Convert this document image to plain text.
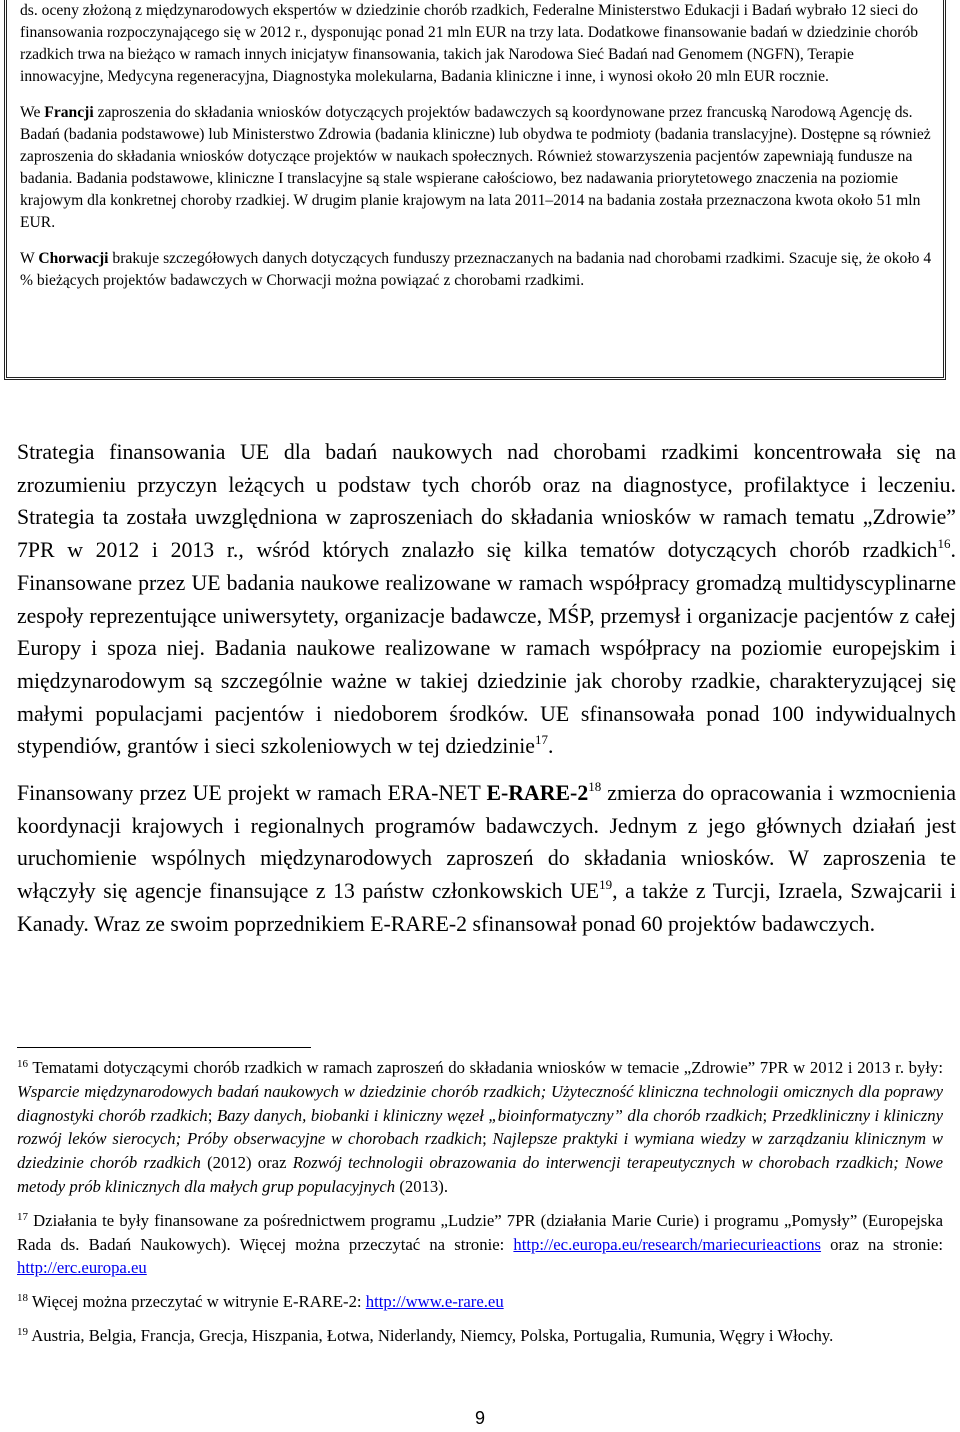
ds. oceny złożoną z międzynarodowych ekspertów w dziedzinie chorób rzadkich, Federalne Ministerstwo Edukacji i Badań wybrało 12 sieci do finansowania rozpoczynającego się w 2012 r., dysponując ponad 21 mln EUR na trzy lata. Dodatkowe finansowanie badań w dziedzinie chorób rzadkich trwa na bieżąco w ramach innych inicjatyw finansowania, takich jak Narodowa Sieć Badań nad Genomem (NGFN), Terapie innowacyjne, Medycyna regeneracyjna, Diagnostyka molekularna, Badania kliniczne i inne, i wynosi około 20 mln EUR rocznie.

We Francji zaproszenia do składania wniosków dotyczących projektów badawczych są koordynowane przez francuską Narodową Agencję ds. Badań (badania podstawowe) lub Ministerstwo Zdrowia (badania kliniczne) lub obydwa te podmioty (badania translacyjne). Dostępne są również zaproszenia do składania wniosków dotyczące projektów w naukach społecznych. Również stowarzyszenia pacjentów zapewniają fundusze na badania. Badania podstawowe, kliniczne I translacyjne są stale wspierane całościowo, bez nadawania priorytetowego znaczenia na poziomie krajowym dla konkretnej choroby rzadkiej. W drugim planie krajowym na lata 2011–2014 na badania została przeznaczona kwota około 51 mln EUR.

W Chorwacji brakuje szczegółowych danych dotyczących funduszy przeznaczanych na badania nad chorobami rzadkimi. Szacuje się, że około 4 % bieżących projektów badawczych w Chorwacji można powiązać z chorobami rzadkimi.

Strategia finansowania UE dla badań naukowych nad chorobami rzadkimi koncentrowała się na zrozumieniu przyczyn leżących u podstaw tych chorób oraz na diagnostyce, profilaktyce i leczeniu. Strategia ta została uwzględniona w zaproszeniach do składania wniosków w ramach tematu „Zdrowie” 7PR w 2012 i 2013 r., wśród których znalazło się kilka tematów dotyczących chorób rzadkich$^{16}$. Finansowane przez UE badania naukowe realizowane w ramach współpracy gromadzą multidyscyplinarne zespoły reprezentujące uniwersytety, organizacje badawcze, MŚP, przemysł i organizacje pacjentów z całej Europy i spoza niej. Badania naukowe realizowane w ramach współpracy na poziomie europejskim i międzynarodowym są szczególnie ważne w takiej dziedzinie jak choroby rzadkie, charakteryzującej się małymi populacjami pacjentów i niedoborem środków. UE sfinansowała ponad 100 indywidualnych stypendiów, grantów i sieci szkoleniowych w tej dziedzinie$^{17}$.

Finansowany przez UE projekt w ramach ERA-NET $E-RARE-2^{18}$ zmierza do opracowania i wzmocnienia koordynacji krajowych i regionalnych programów badawczych. Jednym z jego głównych działań jest uruchomienie wspólnych międzynarodowych zaproszeń do składania wniosków. W zaproszenia te włączyły się agencje finansujące z 13 państw członkowskich UE$^{19}$, a także z Turcji, Izraela, Szwajcarii i Kanady. Wraz ze swoim poprzednikiem E-RARE-2 sfinansował ponad 60 projektów badawczych.

$^{16}$ Tematami dotyczącymi chorób rzadkich w ramach zaproszeń do składania wniosków w temacie „Zdrowie” 7PR w 2012 i 2013 r. były: Wsparcie międzynarodowych badań naukowych w dziedzinie chorób rzadkich; Użyteczność kliniczna technologii omicznych dla poprawy diagnostyki chorób rzadkich; Bazy danych, biobanki i kliniczny węzeł „bioinformatyczny” dla chorób rzadkich; Przedkliniczny i kliniczny rozwój leków sierocych; Próby obserwacyjne w chorobach rzadkich; Najlepsze praktyki i wymiana wiedzy w zarządzaniu klinicznym w dziedzinie chorób rzadkich (2012) oraz Rozwój technologii obrazowania do interwencji terapeutycznych w chorobach rzadkich; Nowe metody prób klinicznych dla małych grup populacyjnych (2013).
$^{17}$ Działania te były finansowane za pośrednictwem programu „Ludzie” 7PR (działania Marie Curie) i programu „Pomysły” (Europejska Rada ds. Badań Naukowych). Więcej można przeczytać na stronie: http://ec.europa.eu/research/mariecurieactions oraz na stronie: http://erc.europa.eu
$^{18}$ Więcej można przeczytać w witrynie E-RARE-2: http://www.e-rare.eu
$^{19}$ Austria, Belgia, Francja, Grecja, Hiszpania, Łotwa, Niderlandy, Niemcy, Polska, Portugalia, Rumunia, Węgry i Włochy.
9
